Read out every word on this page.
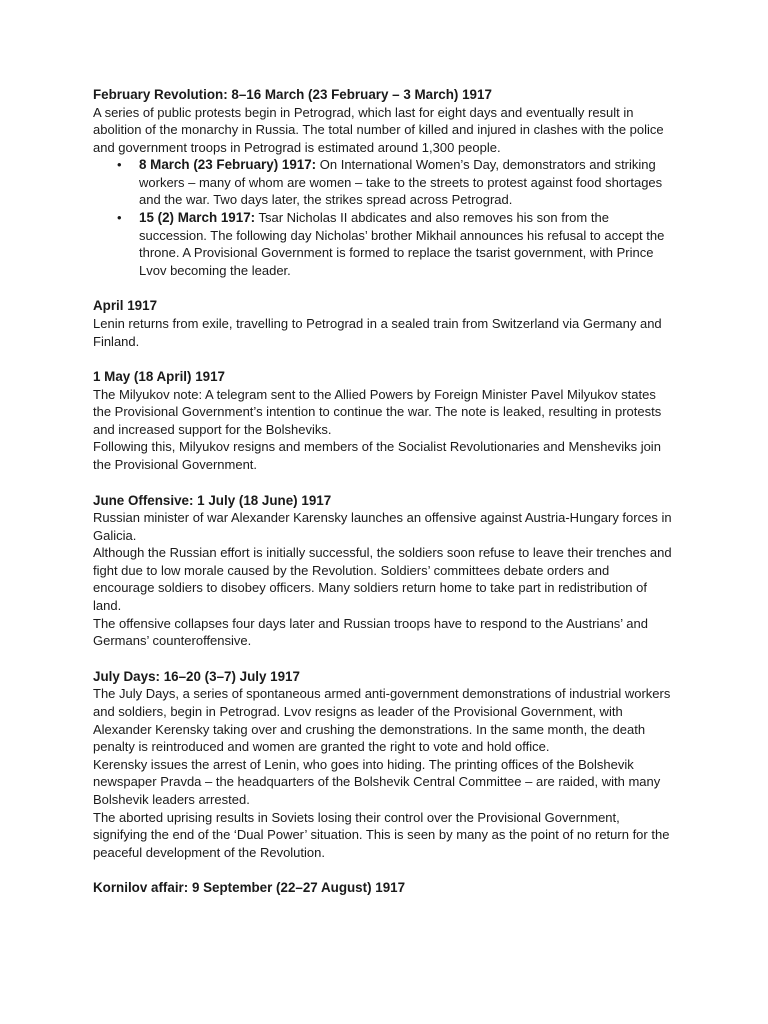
February Revolution: 8–16 March (23 February – 3 March) 1917

A series of public protests begin in Petrograd, which last for eight days and eventually result in abolition of the monarchy in Russia. The total number of killed and injured in clashes with the police and government troops in Petrograd is estimated around 1,300 people.

• 8 March (23 February) 1917: On International Women’s Day, demonstrators and striking workers – many of whom are women – take to the streets to protest against food shortages and the war. Two days later, the strikes spread across Petrograd.
• 15 (2) March 1917: Tsar Nicholas II abdicates and also removes his son from the succession. The following day Nicholas’ brother Mikhail announces his refusal to accept the throne. A Provisional Government is formed to replace the tsarist government, with Prince Lvov becoming the leader.

April 1917

Lenin returns from exile, travelling to Petrograd in a sealed train from Switzerland via Germany and Finland.

1 May (18 April) 1917

The Milyukov note: A telegram sent to the Allied Powers by Foreign Minister Pavel Milyukov states the Provisional Government’s intention to continue the war. The note is leaked, resulting in protests and increased support for the Bolsheviks.

Following this, Milyukov resigns and members of the Socialist Revolutionaries and Mensheviks join the Provisional Government.

June Offensive: 1 July (18 June) 1917

Russian minister of war Alexander Karensky launches an offensive against Austria-Hungary forces in Galicia.

Although the Russian effort is initially successful, the soldiers soon refuse to leave their trenches and fight due to low morale caused by the Revolution. Soldiers’ committees debate orders and encourage soldiers to disobey officers. Many soldiers return home to take part in redistribution of land.

The offensive collapses four days later and Russian troops have to respond to the Austrians’ and Germans’ counteroffensive.

July Days: 16–20 (3–7) July 1917

The July Days, a series of spontaneous armed anti-government demonstrations of industrial workers and soldiers, begin in Petrograd. Lvov resigns as leader of the Provisional Government, with Alexander Kerensky taking over and crushing the demonstrations. In the same month, the death penalty is reintroduced and women are granted the right to vote and hold office.

Kerensky issues the arrest of Lenin, who goes into hiding. The printing offices of the Bolshevik newspaper Pravda – the headquarters of the Bolshevik Central Committee – are raided, with many Bolshevik leaders arrested.

The aborted uprising results in Soviets losing their control over the Provisional Government, signifying the end of the ‘Dual Power’ situation. This is seen by many as the point of no return for the peaceful development of the Revolution.

Kornilov affair: 9 September (22–27 August) 1917
